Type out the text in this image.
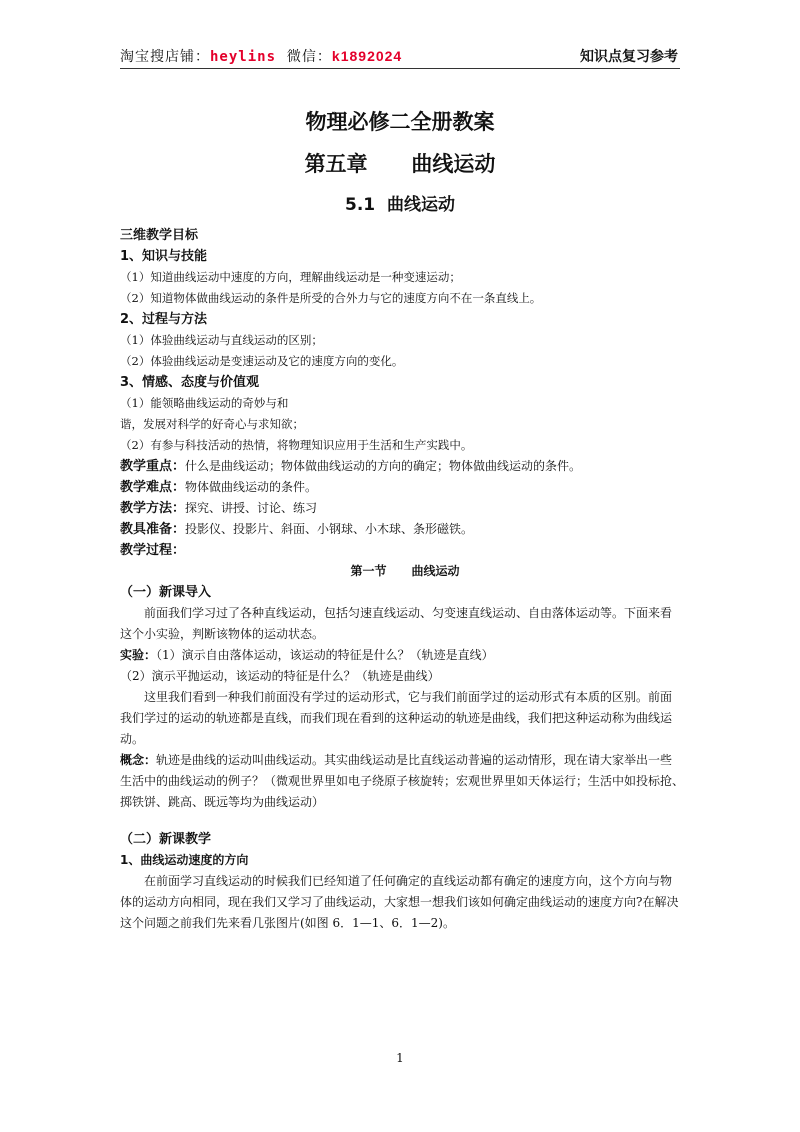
淘宝搜店铺：heylins  微信：k1892024	知识点复习参考
物理必修二全册教案
第五章      曲线运动
5.1  曲线运动
三维教学目标
1、知识与技能
（1）知道曲线运动中速度的方向，理解曲线运动是一种变速运动；
（2）知道物体做曲线运动的条件是所受的合外力与它的速度方向不在一条直线上。
2、过程与方法
（1）体验曲线运动与直线运动的区别；
（2）体验曲线运动是变速运动及它的速度方向的变化。
3、情感、态度与价值观
（1）能领略曲线运动的奇妙与和
谐，发展对科学的好奇心与求知欲；
（2）有参与科技活动的热情，将物理知识应用于生活和生产实践中。
教学重点：什么是曲线运动；物体做曲线运动的方向的确定；物体做曲线运动的条件。
教学难点：物体做曲线运动的条件。
教学方法：探究、讲授、讨论、练习
教具准备：投影仪、投影片、斜面、小钢球、小木球、条形磁铁。
教学过程：
第一节      曲线运动
（一）新课导入
前面我们学习过了各种直线运动，包括匀速直线运动、匀变速直线运动、自由落体运动等。下面来看
这个小实验，判断该物体的运动状态。
实验：（1）演示自由落体运动，该运动的特征是什么？（轨迹是直线）
（2）演示平抛运动，该运动的特征是什么？（轨迹是曲线）
这里我们看到一种我们前面没有学过的运动形式，它与我们前面学过的运动形式有本质的区别。前面
我们学过的运动的轨迹都是直线，而我们现在看到的这种运动的轨迹是曲线，我们把这种运动称为曲线运
动。
概念：轨迹是曲线的运动叫曲线运动。其实曲线运动是比直线运动普遍的运动情形，现在请大家举出一些
生活中的曲线运动的例子？（微观世界里如电子绕原子核旋转；宏观世界里如天体运行；生活中如投标抢、
掷铁饼、跳高、既远等均为曲线运动）
（二）新课教学
1、曲线运动速度的方向
在前面学习直线运动的时候我们已经知道了任何确定的直线运动都有确定的速度方向，这个方向与物
体的运动方向相同，现在我们又学习了曲线运动，大家想一想我们该如何确定曲线运动的速度方向?在解决
这个问题之前我们先来看几张图片(如图 6．1—1、6．1—2)。
1
